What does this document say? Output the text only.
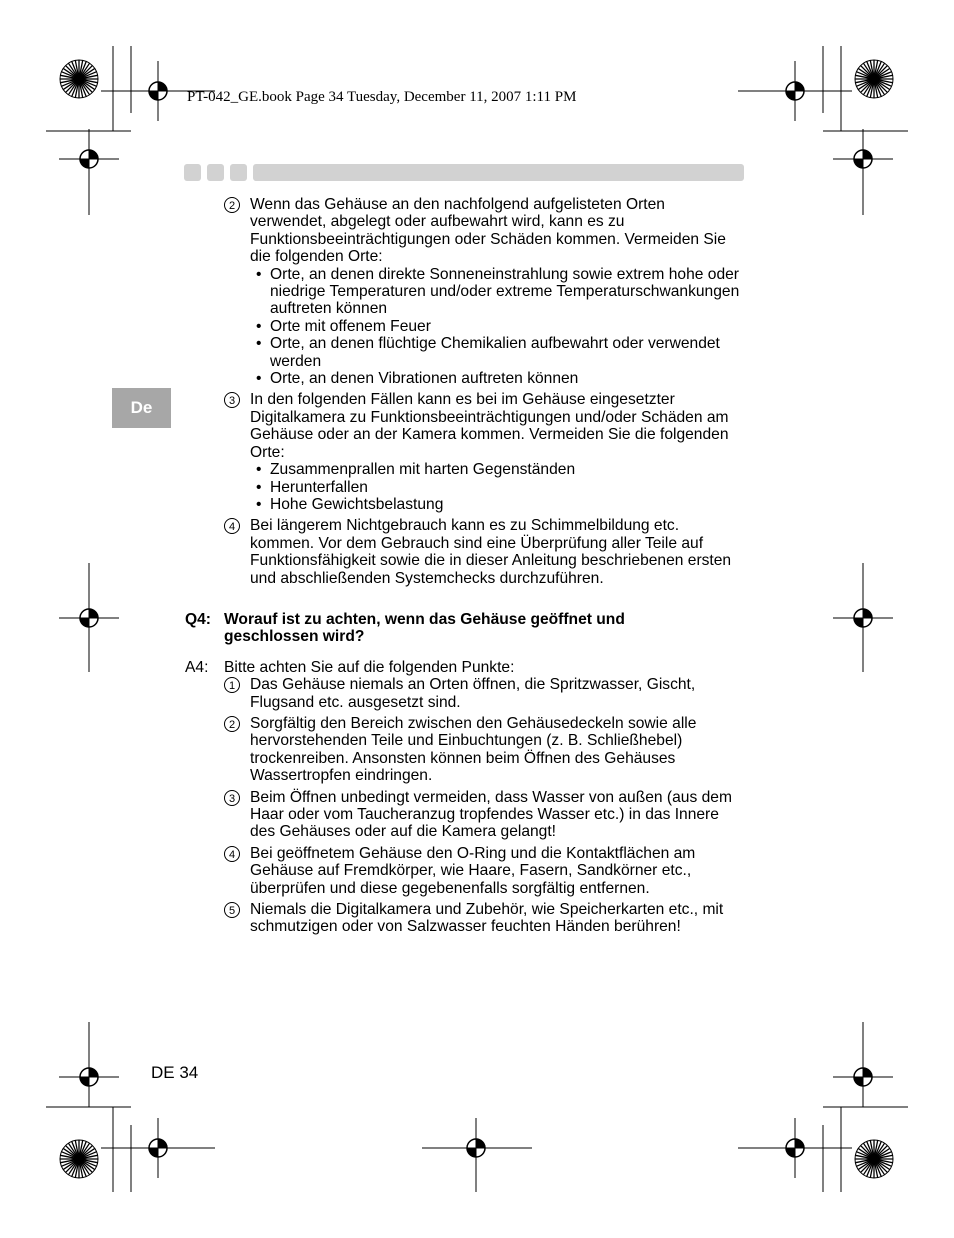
PT-042_GE.book Page 34 Tuesday, December 11, 2007 1:11 PM
De
2 Wenn das Gehäuse an den nachfolgend aufgelisteten Orten verwendet, abgelegt oder aufbewahrt wird, kann es zu Funktionsbeeinträchtigungen oder Schäden kommen. Vermeiden Sie die folgenden Orte:
• Orte, an denen direkte Sonneneinstrahlung sowie extrem hohe oder niedrige Temperaturen und/oder extreme Temperaturschwankungen auftreten können
• Orte mit offenem Feuer
• Orte, an denen flüchtige Chemikalien aufbewahrt oder verwendet werden
• Orte, an denen Vibrationen auftreten können
3 In den folgenden Fällen kann es bei im Gehäuse eingesetzter Digitalkamera zu Funktionsbeeinträchtigungen und/oder Schäden am Gehäuse oder an der Kamera kommen. Vermeiden Sie die folgenden Orte:
• Zusammenprallen mit harten Gegenständen
• Herunterfallen
• Hohe Gewichtsbelastung
4 Bei längerem Nichtgebrauch kann es zu Schimmelbildung etc. kommen. Vor dem Gebrauch sind eine Überprüfung aller Teile auf Funktionsfähigkeit sowie die in dieser Anleitung beschriebenen ersten und abschließenden Systemchecks durchzuführen.
Q4: Worauf ist zu achten, wenn das Gehäuse geöffnet und geschlossen wird?
A4: Bitte achten Sie auf die folgenden Punkte:
1 Das Gehäuse niemals an Orten öffnen, die Spritzwasser, Gischt, Flugsand etc. ausgesetzt sind.
2 Sorgfältig den Bereich zwischen den Gehäusedeckeln sowie alle hervorstehenden Teile und Einbuchtungen (z. B. Schließhebel) trockenreiben. Ansonsten können beim Öffnen des Gehäuses Wassertropfen eindringen.
3 Beim Öffnen unbedingt vermeiden, dass Wasser von außen (aus dem Haar oder vom Taucheranzug tropfendes Wasser etc.) in das Innere des Gehäuses oder auf die Kamera gelangt!
4 Bei geöffnetem Gehäuse den O-Ring und die Kontaktflächen am Gehäuse auf Fremdkörper, wie Haare, Fasern, Sandkörner etc., überprüfen und diese gegebenenfalls sorgfältig entfernen.
5 Niemals die Digitalkamera und Zubehör, wie Speicherkarten etc., mit schmutzigen oder von Salzwasser feuchten Händen berühren!
DE 34
